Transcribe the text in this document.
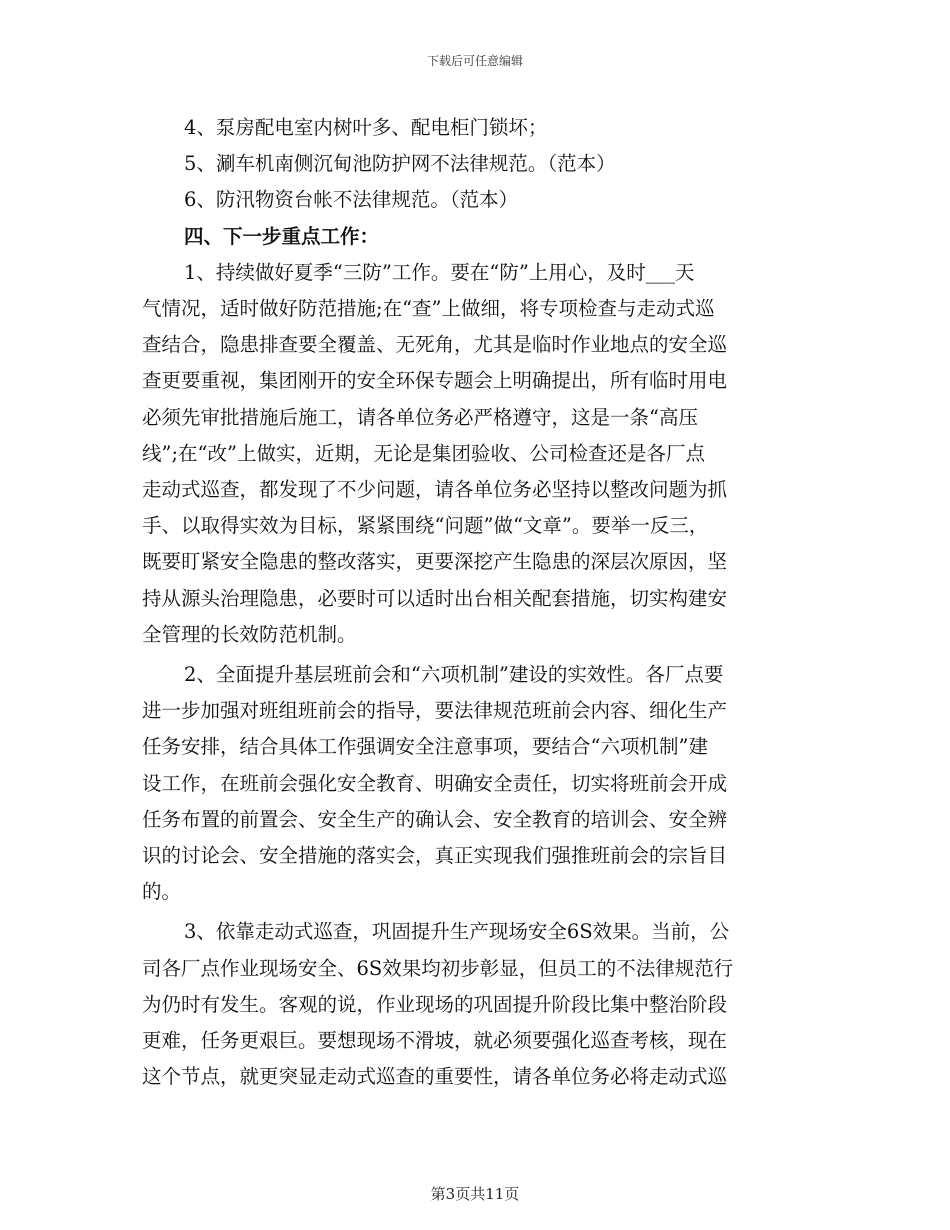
下载后可任意编辑
4、泵房配电室内树叶多、配电柜门锁坏；
5、涮车机南侧沉甸池防护网不法律规范。（范本）
6、防汛物资台帐不法律规范。（范本）
四、下一步重点工作：
1、持续做好夏季“三防”工作。要在“防”上用心，及时___天
气情况，适时做好防范措施;在“查”上做细，将专项检查与走动式巡
查结合，隐患排查要全覆盖、无死角，尤其是临时作业地点的安全巡
查更要重视，集团刚开的安全环保专题会上明确提出，所有临时用电
必须先审批措施后施工，请各单位务必严格遵守，这是一条“高压
线”;在“改”上做实，近期，无论是集团验收、公司检查还是各厂点
走动式巡查，都发现了不少问题，请各单位务必坚持以整改问题为抓
手、以取得实效为目标，紧紧围绕“问题”做“文章”。要举一反三，
既要盯紧安全隐患的整改落实，更要深挖产生隐患的深层次原因，坚
持从源头治理隐患，必要时可以适时出台相关配套措施，切实构建安
全管理的长效防范机制。
2、全面提升基层班前会和“六项机制”建设的实效性。各厂点要
进一步加强对班组班前会的指导，要法律规范班前会内容、细化生产
任务安排，结合具体工作强调安全注意事项，要结合“六项机制”建
设工作，在班前会强化安全教育、明确安全责任，切实将班前会开成
任务布置的前置会、安全生产的确认会、安全教育的培训会、安全辨
识的讨论会、安全措施的落实会，真正实现我们强推班前会的宗旨目
的。
3、依靠走动式巡查，巩固提升生产现场安全6S效果。当前，公
司各厂点作业现场安全、6S效果均初步彰显，但员工的不法律规范行
为仍时有发生。客观的说，作业现场的巩固提升阶段比集中整治阶段
更难，任务更艰巨。要想现场不滑坡，就必须要强化巡查考核，现在
这个节点，就更突显走动式巡查的重要性，请各单位务必将走动式巡
第3页共11页
